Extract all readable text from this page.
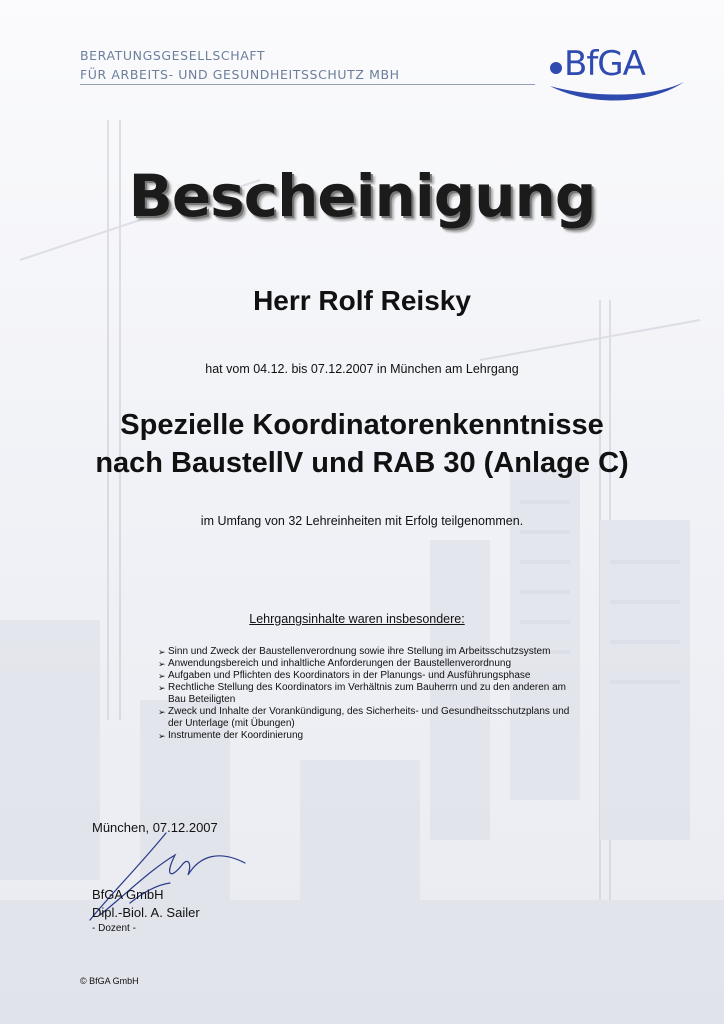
BERATUNGSGESELLSCHAFT
FÜR ARBEITS- UND GESUNDHEITSSCHUTZ MBH	BfGA
Bescheinigung
Herr Rolf Reisky
hat vom 04.12. bis 07.12.2007 in München am Lehrgang
Spezielle Koordinatorenkenntnisse
nach BaustellV und RAB 30 (Anlage C)
im Umfang von 32 Lehreinheiten mit Erfolg teilgenommen.
Lehrgangsinhalte waren insbesondere:
➢ Sinn und Zweck der Baustellenverordnung sowie ihre Stellung im Arbeitsschutzsystem
➢ Anwendungsbereich und inhaltliche Anforderungen der Baustellenverordnung
➢ Aufgaben und Pflichten des Koordinators in der Planungs- und Ausführungsphase
➢ Rechtliche Stellung des Koordinators im Verhältnis zum Bauherrn und zu den anderen am Bau Beteiligten
➢ Zweck und Inhalte der Vorankündigung, des Sicherheits- und Gesundheitsschutzplans und der Unterlage (mit Übungen)
➢ Instrumente der Koordinierung
München, 07.12.2007
BfGA GmbH
Dipl.-Biol. A. Sailer
- Dozent -
© BfGA GmbH
